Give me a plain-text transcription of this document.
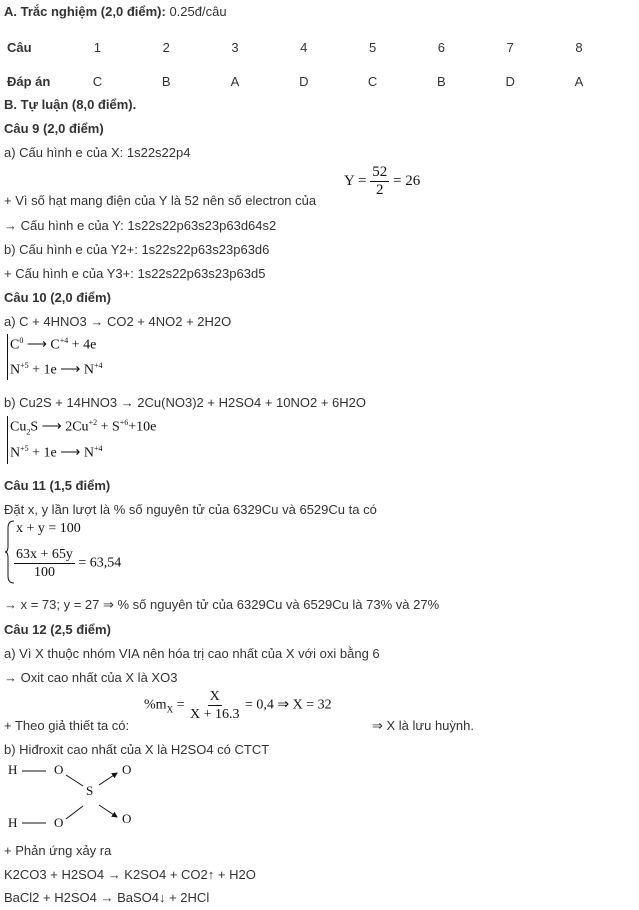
A. Trắc nghiệm (2,0 điểm): 0.25đ/câu
Câu	1	2	3	4	5	6	7	8
Đáp án	C	B	A	D	C	B	D	A
B. Tự luận (8,0 điểm).
Câu 9 (2,0 điểm)
a) Cấu hình e của X: 1s22s22p4
+ Vì số hạt mang điện của Y là 52 nên số electron của
$Y = \frac{52}{2} = 26$
→ Cấu hình e của Y: 1s22s22p63s23p63d64s2
b) Cấu hình e của Y2+: 1s22s22p63s23p63d6
+ Cấu hình e của Y3+: 1s22s22p63s23p63d5
Câu 10 (2,0 điểm)
a) C + 4HNO3 → CO2 + 4NO2 + 2H2O
$C^0$ ⟶ $C^{+4} + 4e$
$N^{+5} + 1e$ ⟶ $N^{+4}$
b) Cu2S + 14HNO3 → 2Cu(NO3)2 + H2SO4 + 10NO2 + 6H2O
$Cu_2S$ ⟶ $2Cu^{+2} + S^{+6}+10e$
$N^{+5} + 1e$ ⟶ $N^{+4}$
Câu 11 (1,5 điểm)
Đặt x, y lần lượt là % số nguyên tử của 6329Cu và 6529Cu ta có
x + y = 100
$\frac{63x + 65y}{100} = 63,54$
→ x = 73; y = 27 ⇒ % số nguyên tử của 6329Cu và 6529Cu là 73% và 27%
Câu 12 (2,5 điểm)
a) Vì X thuộc nhóm VIA nên hóa trị cao nhất của X với oxi bằng 6
→ Oxit cao nhất của X là XO3
+ Theo giả thiết ta có:
$\%m_X = \frac{X}{X + 16.3} = 0,4$ ⇒ X = 32
⇒ X là lưu huỳnh.
b) Hiđroxit cao nhất của X là H2SO4 có CTCT
H	O
S
O
O
H	O
+ Phản ứng xảy ra
K2CO3 + H2SO4 → K2SO4 + CO2↑ + H2O
BaCl2 + H2SO4 → BaSO4↓ + 2HCl
